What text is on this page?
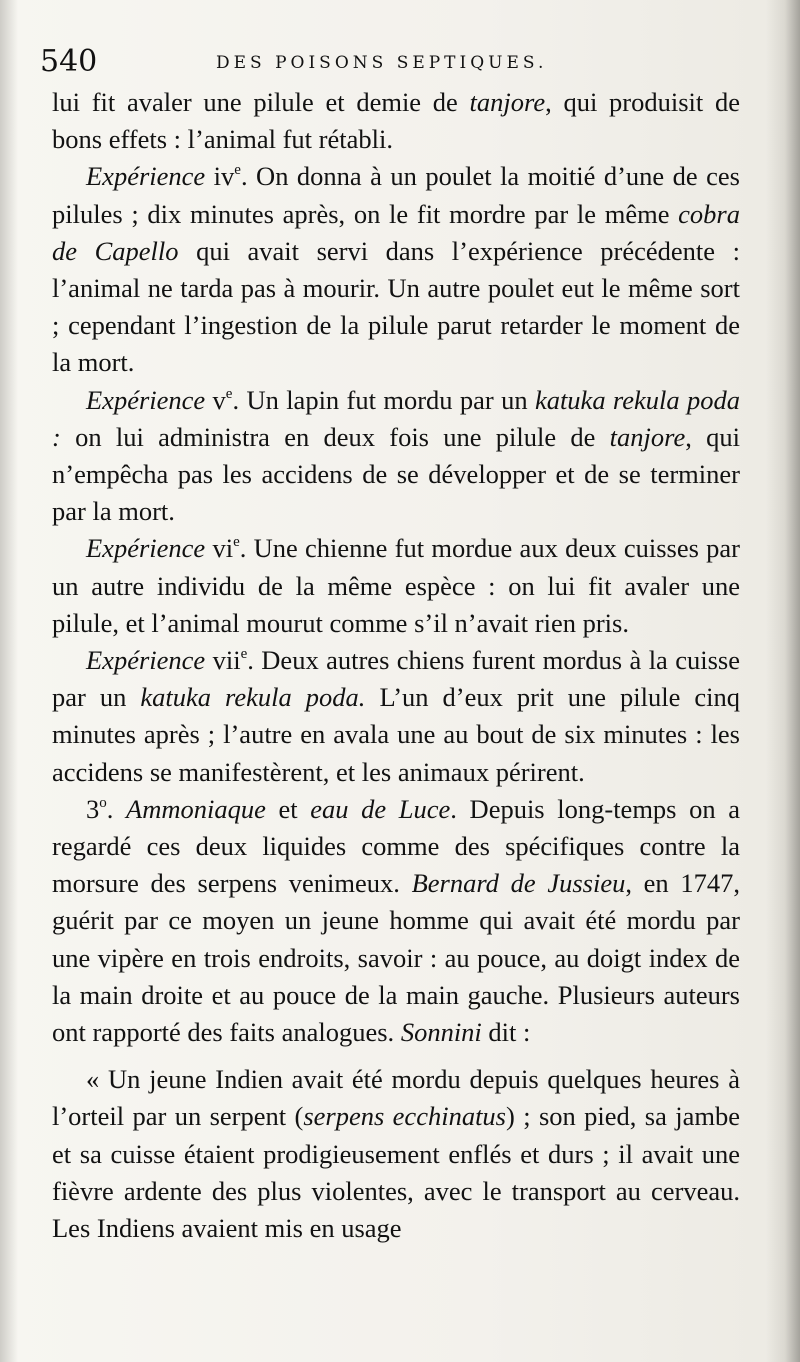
540	DES POISONS SEPTIQUES.

lui fit avaler une pilule et demie de tanjore, qui produisit de bons effets : l’animal fut rétabli.

Expérience $iv^e$. On donna à un poulet la moitié d’une de ces pilules ; dix minutes après, on le fit mordre par le même cobra de Capello qui avait servi dans l’expérience précédente : l’animal ne tarda pas à mourir. Un autre poulet eut le même sort ; cependant l’ingestion de la pilule parut retarder le moment de la mort.

Expérience $v^e$. Un lapin fut mordu par un katuka rekula poda : on lui administra en deux fois une pilule de tanjore, qui n’empêcha pas les accidens de se développer et de se terminer par la mort.

Expérience $vi^e$. Une chienne fut mordue aux deux cuisses par un autre individu de la même espèce : on lui fit avaler une pilule, et l’animal mourut comme s’il n’avait rien pris.

Expérience vii$^e$. Deux autres chiens furent mordus à la cuisse par un katuka rekula poda. L’un d’eux prit une pilule cinq minutes après ; l’autre en avala une au bout de six minutes : les accidens se manifestèrent, et les animaux périrent.

3$^o$. Ammoniaque et eau de Luce. Depuis long-temps on a regardé ces deux liquides comme des spécifiques contre la morsure des serpens venimeux. Bernard de Jussieu, en 1747, guérit par ce moyen un jeune homme qui avait été mordu par une vipère en trois endroits, savoir : au pouce, au doigt index de la main droite et au pouce de la main gauche. Plusieurs auteurs ont rapporté des faits analogues. Sonnini dit :

« Un jeune Indien avait été mordu depuis quelques heures à l’orteil par un serpent (serpens ecchinatus) ; son pied, sa jambe et sa cuisse étaient prodigieusement enflés et durs ; il avait une fièvre ardente des plus violentes, avec le transport au cerveau. Les Indiens avaient mis en usage
